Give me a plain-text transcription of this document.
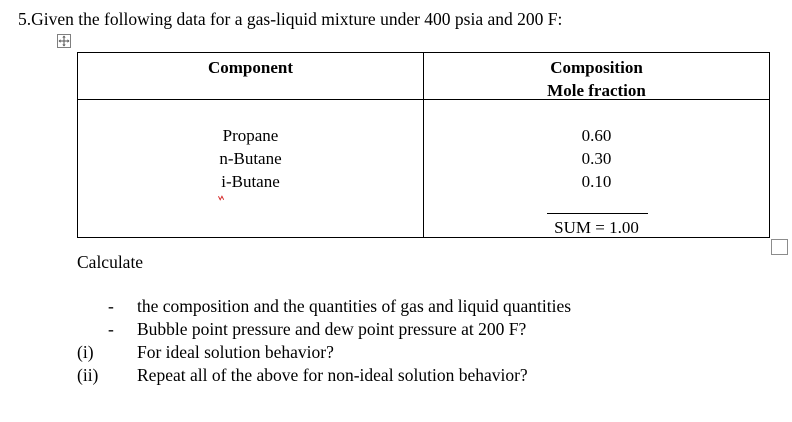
5.Given the following data for a gas-liquid mixture under 400 psia and 200 F:
Component	Composition
Mole fraction
Propane
n-Butane
i-Butane
0.60
0.30
0.10
SUM = 1.00
Calculate
- the composition and the quantities of gas and liquid quantities
- Bubble point pressure and dew point pressure at 200 F?
(i) For ideal solution behavior?
(ii) Repeat all of the above for non-ideal solution behavior?
